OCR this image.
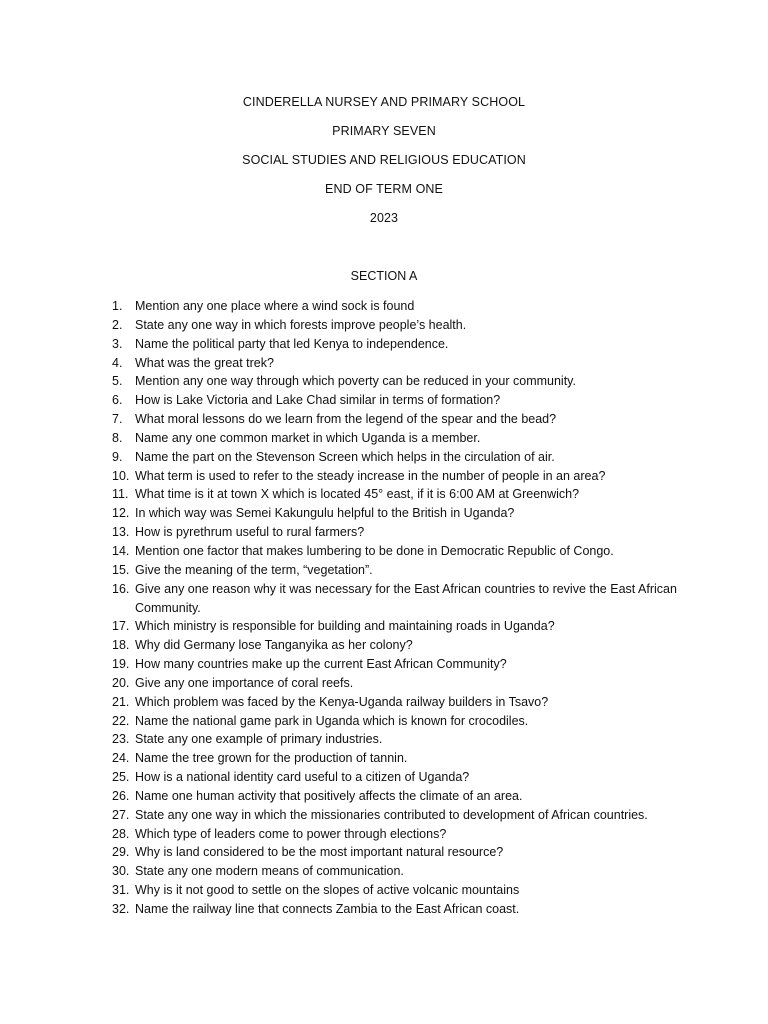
CINDERELLA NURSEY AND PRIMARY SCHOOL
PRIMARY SEVEN
SOCIAL STUDIES AND RELIGIOUS EDUCATION
END OF TERM ONE
2023
SECTION A
1.	Mention any one place where a wind sock is found
2.	State any one way in which forests improve people’s health.
3.	Name the political party that led Kenya to independence.
4.	What was the great trek?
5.	Mention any one way through which poverty can be reduced in your community.
6.	How is Lake Victoria and Lake Chad similar in terms of formation?
7.	What moral lessons do we learn from the legend of the spear and the bead?
8.	Name any one common market in which Uganda is a member.
9.	Name the part on the Stevenson Screen which helps in the circulation of air.
10. What term is used to refer to the steady increase in the number of people in an area?
11. What time is it at town X which is located 45° east, if it is 6:00 AM at Greenwich?
12. In which way was Semei Kakungulu helpful to the British in Uganda?
13. How is pyrethrum useful to rural farmers?
14. Mention one factor that makes lumbering to be done in Democratic Republic of Congo.
15. Give the meaning of the term, “vegetation”.
16. Give any one reason why it was necessary for the East African countries to revive the East African Community.
17. Which ministry is responsible for building and maintaining roads in Uganda?
18. Why did Germany lose Tanganyika as her colony?
19. How many countries make up the current East African Community?
20. Give any one importance of coral reefs.
21. Which problem was faced by the Kenya-Uganda railway builders in Tsavo?
22. Name the national game park in Uganda which is known for crocodiles.
23. State any one example of primary industries.
24. Name the tree grown for the production of tannin.
25. How is a national identity card useful to a citizen of Uganda?
26. Name one human activity that positively affects the climate of an area.
27. State any one way in which the missionaries contributed to development of African countries.
28. Which type of leaders come to power through elections?
29. Why is land considered to be the most important natural resource?
30. State any one modern means of communication.
31. Why is it not good to settle on the slopes of active volcanic mountains
32. Name the railway line that connects Zambia to the East African coast.
